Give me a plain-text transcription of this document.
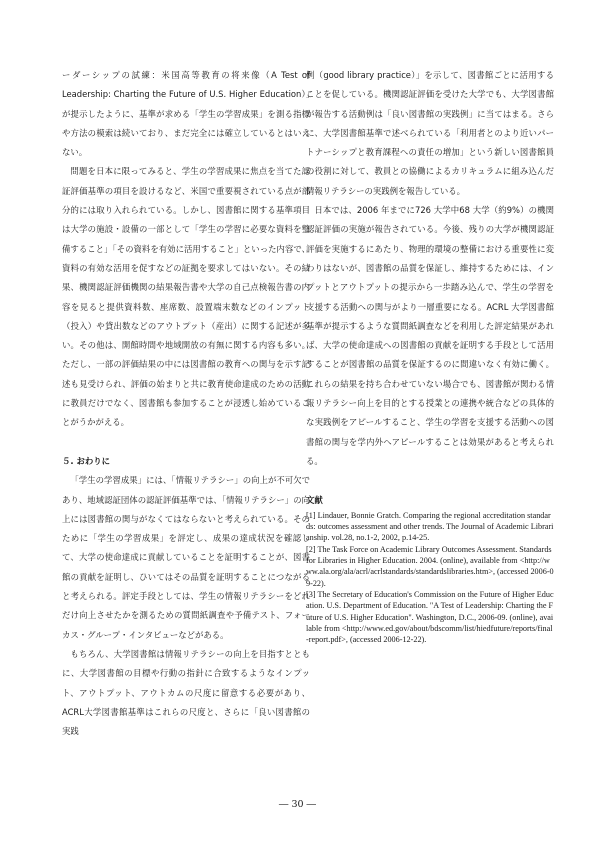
ーダーシップの試練：米国高等教育の将来像（A Test of Leadership: Charting the Future of U.S. Higher Education）」が提示したように、基準が求める「学生の学習成果」を測る指標や方法の模索は続いており、まだ完全には確立しているとはいえない。

問題を日本に限ってみると、学生の学習成果に焦点を当てた認証評価基準の項目を設けるなど、米国で重要視されている点が部分的には取り入れられている。しかし、図書館に関する基準項目は大学の施設・設備の一部として「学生の学習に必要な資料を整備すること」「その資料を有効に活用すること」といった内容で、資料の有効な活用を促すなどの証拠を要求してはいない。その結果、機関認証評価機関の結果報告書や大学の自己点検報告書の内容を見ると提供資料数、座席数、設置端末数などのインプット（投入）や貸出数などのアウトプット（産出）に関する記述が多い。その他は、開館時間や地域開放の有無に関する内容も多い。ただし、一部の評価結果の中には図書館の教育への関与を示す記述も見受けられ、評価の始まりと共に教育使命達成のための活動に教員だけでなく、図書館も参加することが浸透し始めていることがうかがえる。

５. おわりに

「学生の学習成果」には、「情報リテラシー」の向上が不可欠であり、地域認証団体の認証評価基準では、「情報リテラシー」の向上には図書館の関与がなくてはならないと考えられている。そのために「学生の学習成果」を評定し、成果の達成状況を確認して、大学の使命達成に貢献していることを証明することが、図書館の貢献を証明し、ひいてはその品質を証明することにつながると考えられる。評定手段としては、学生の情報リテラシーをどれだけ向上させたかを測るための質問紙調査や予備テスト、フォーカス・グループ・インタビューなどがある。

もちろん、大学図書館は情報リテラシーの向上を目指すとともに、大学図書館の目標や行動の指針に合致するようなインプット、アウトプット、アウトカムの尺度に留意する必要があり、ACRL大学図書館基準はこれらの尺度と、さらに「良い図書館の実践

例（good library practice）」を示して、図書館ごとに活用することを促している。機関認証評価を受けた大学でも、大学図書館が報告する活動例は「良い図書館の実践例」に当てはまる。さらに、大学図書館基準で述べられている「利用者とのより近いパートナーシップと教育課程への責任の増加」という新しい図書館員の役割に対して、教員との協働によるカリキュラムに組み込んだ情報リテラシーの実践例を報告している。

日本では、2006 年までに726 大学中68 大学（約9%）の機関認証評価の実施が報告されている。今後、残りの大学が機関認証評価を実施するにあたり、物理的環境の整備における重要性に変わりはないが、図書館の品質を保証し、維持するためには、インプットとアウトプットの提示から一歩踏み込んで、学生の学習を支援する活動への関与がより一層重要になる。ACRL 大学図書館基準が提示するような質問紙調査などを利用した評定結果があれば、大学の使命達成への図書館の貢献を証明する手段として活用することが図書館の品質を保証するのに間違いなく有効に働く。これらの結果を持ち合わせていない場合でも、図書館が関わる情報リテラシー向上を目的とする授業との連携や統合などの具体的な実践例をアピールすること、学生の学習を支援する活動への図書館の関与を学内外へアピールすることは効果があると考えられる。

文献

[1] Lindauer, Bonnie Gratch. Comparing the regional accreditation standards: outcomes assessment and other trends. The Journal of Academic Librarianship. vol.28, no.1-2, 2002, p.14-25.

[2] The Task Force on Academic Library Outcomes Assessment. Standards for Libraries in Higher Education. 2004. (online), available from <http://www.ala.org/ala/acrl/acrlstandards/standardslibraries.htm>, (accessed 2006-09-22).

[3] The Secretary of Education's Commission on the Future of Higher Education. U.S. Department of Education. "A Test of Leadership: Charting the Future of U.S. Higher Education". Washington, D.C., 2006-09. (online), available from <http://www.ed.gov/about/bdscomm/list/hiedfuture/reports/final-report.pdf>, (accessed 2006-12-22).

― 30 ―
